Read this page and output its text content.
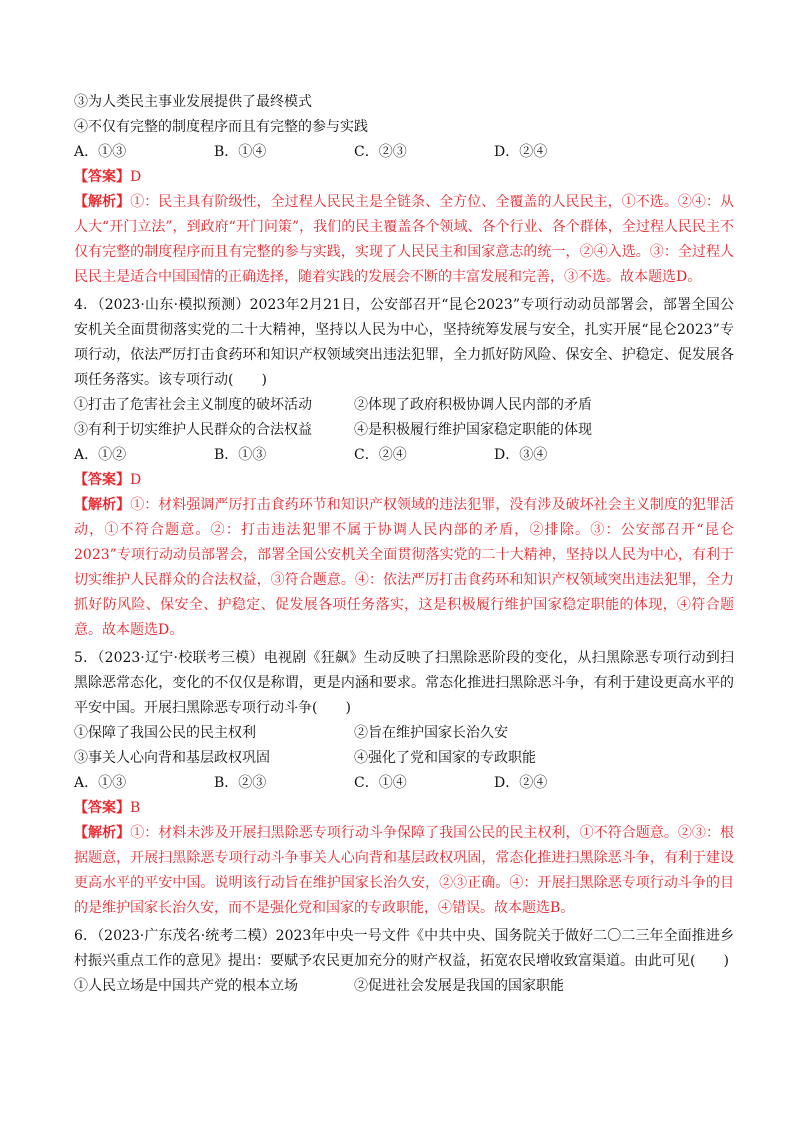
③为人类民主事业发展提供了最终模式
④不仅有完整的制度程序而且有完整的参与实践
A．①③	B．①④	C．②③	D．②④
【答案】D
【解析】①：民主具有阶级性，全过程人民民主是全链条、全方位、全覆盖的人民民主，①不选。②④：从人大“开门立法”，到政府“开门问策”，我们的民主覆盖各个领域、各个行业、各个群体，全过程人民民主不仅有完整的制度程序而且有完整的参与实践，实现了人民民主和国家意志的统一，②④入选。③：全过程人民民主是适合中国国情的正确选择，随着实践的发展会不断的丰富发展和完善，③不选。故本题选D。
4．（2023·山东·模拟预测）2023年2月21日，公安部召开“昆仑2023”专项行动动员部署会，部署全国公安机关全面贯彻落实党的二十大精神，坚持以人民为中心，坚持统筹发展与安全，扎实开展“昆仑2023”专项行动，依法严厉打击食药环和知识产权领域突出违法犯罪，全力抓好防风险、保安全、护稳定、促发展各项任务落实。该专项行动(　　)
①打击了危害社会主义制度的破坏活动	②体现了政府积极协调人民内部的矛盾
③有利于切实维护人民群众的合法权益	④是积极履行维护国家稳定职能的体现
A．①②	B．①③	C．②④	D．③④
【答案】D
【解析】①：材料强调严厉打击食药环节和知识产权领域的违法犯罪，没有涉及破坏社会主义制度的犯罪活动，①不符合题意。②：打击违法犯罪不属于协调人民内部的矛盾，②排除。③：公安部召开“昆仑2023”专项行动动员部署会，部署全国公安机关全面贯彻落实党的二十大精神，坚持以人民为中心，有利于切实维护人民群众的合法权益，③符合题意。④：依法严厉打击食药环和知识产权领域突出违法犯罪，全力抓好防风险、保安全、护稳定、促发展各项任务落实，这是积极履行维护国家稳定职能的体现，④符合题意。故本题选D。
5．（2023·辽宁·校联考三模）电视剧《狂飙》生动反映了扫黑除恶阶段的变化，从扫黑除恶专项行动到扫黑除恶常态化，变化的不仅仅是称谓，更是内涵和要求。常态化推进扫黑除恶斗争，有利于建设更高水平的平安中国。开展扫黑除恶专项行动斗争(　　)
①保障了我国公民的民主权利	②旨在维护国家长治久安
③事关人心向背和基层政权巩固	④强化了党和国家的专政职能
A．①③	B．②③	C．①④	D．②④
【答案】B
【解析】①：材料未涉及开展扫黑除恶专项行动斗争保障了我国公民的民主权利，①不符合题意。②③：根据题意，开展扫黑除恶专项行动斗争事关人心向背和基层政权巩固，常态化推进扫黑除恶斗争，有利于建设更高水平的平安中国。说明该行动旨在维护国家长治久安，②③正确。④：开展扫黑除恶专项行动斗争的目的是维护国家长治久安，而不是强化党和国家的专政职能，④错误。故本题选B。
6．（2023·广东茂名·统考二模）2023年中央一号文件《中共中央、国务院关于做好二〇二三年全面推进乡村振兴重点工作的意见》提出：要赋予农民更加充分的财产权益，拓宽农民增收致富渠道。由此可见(　　)
①人民立场是中国共产党的根本立场	②促进社会发展是我国的国家职能
